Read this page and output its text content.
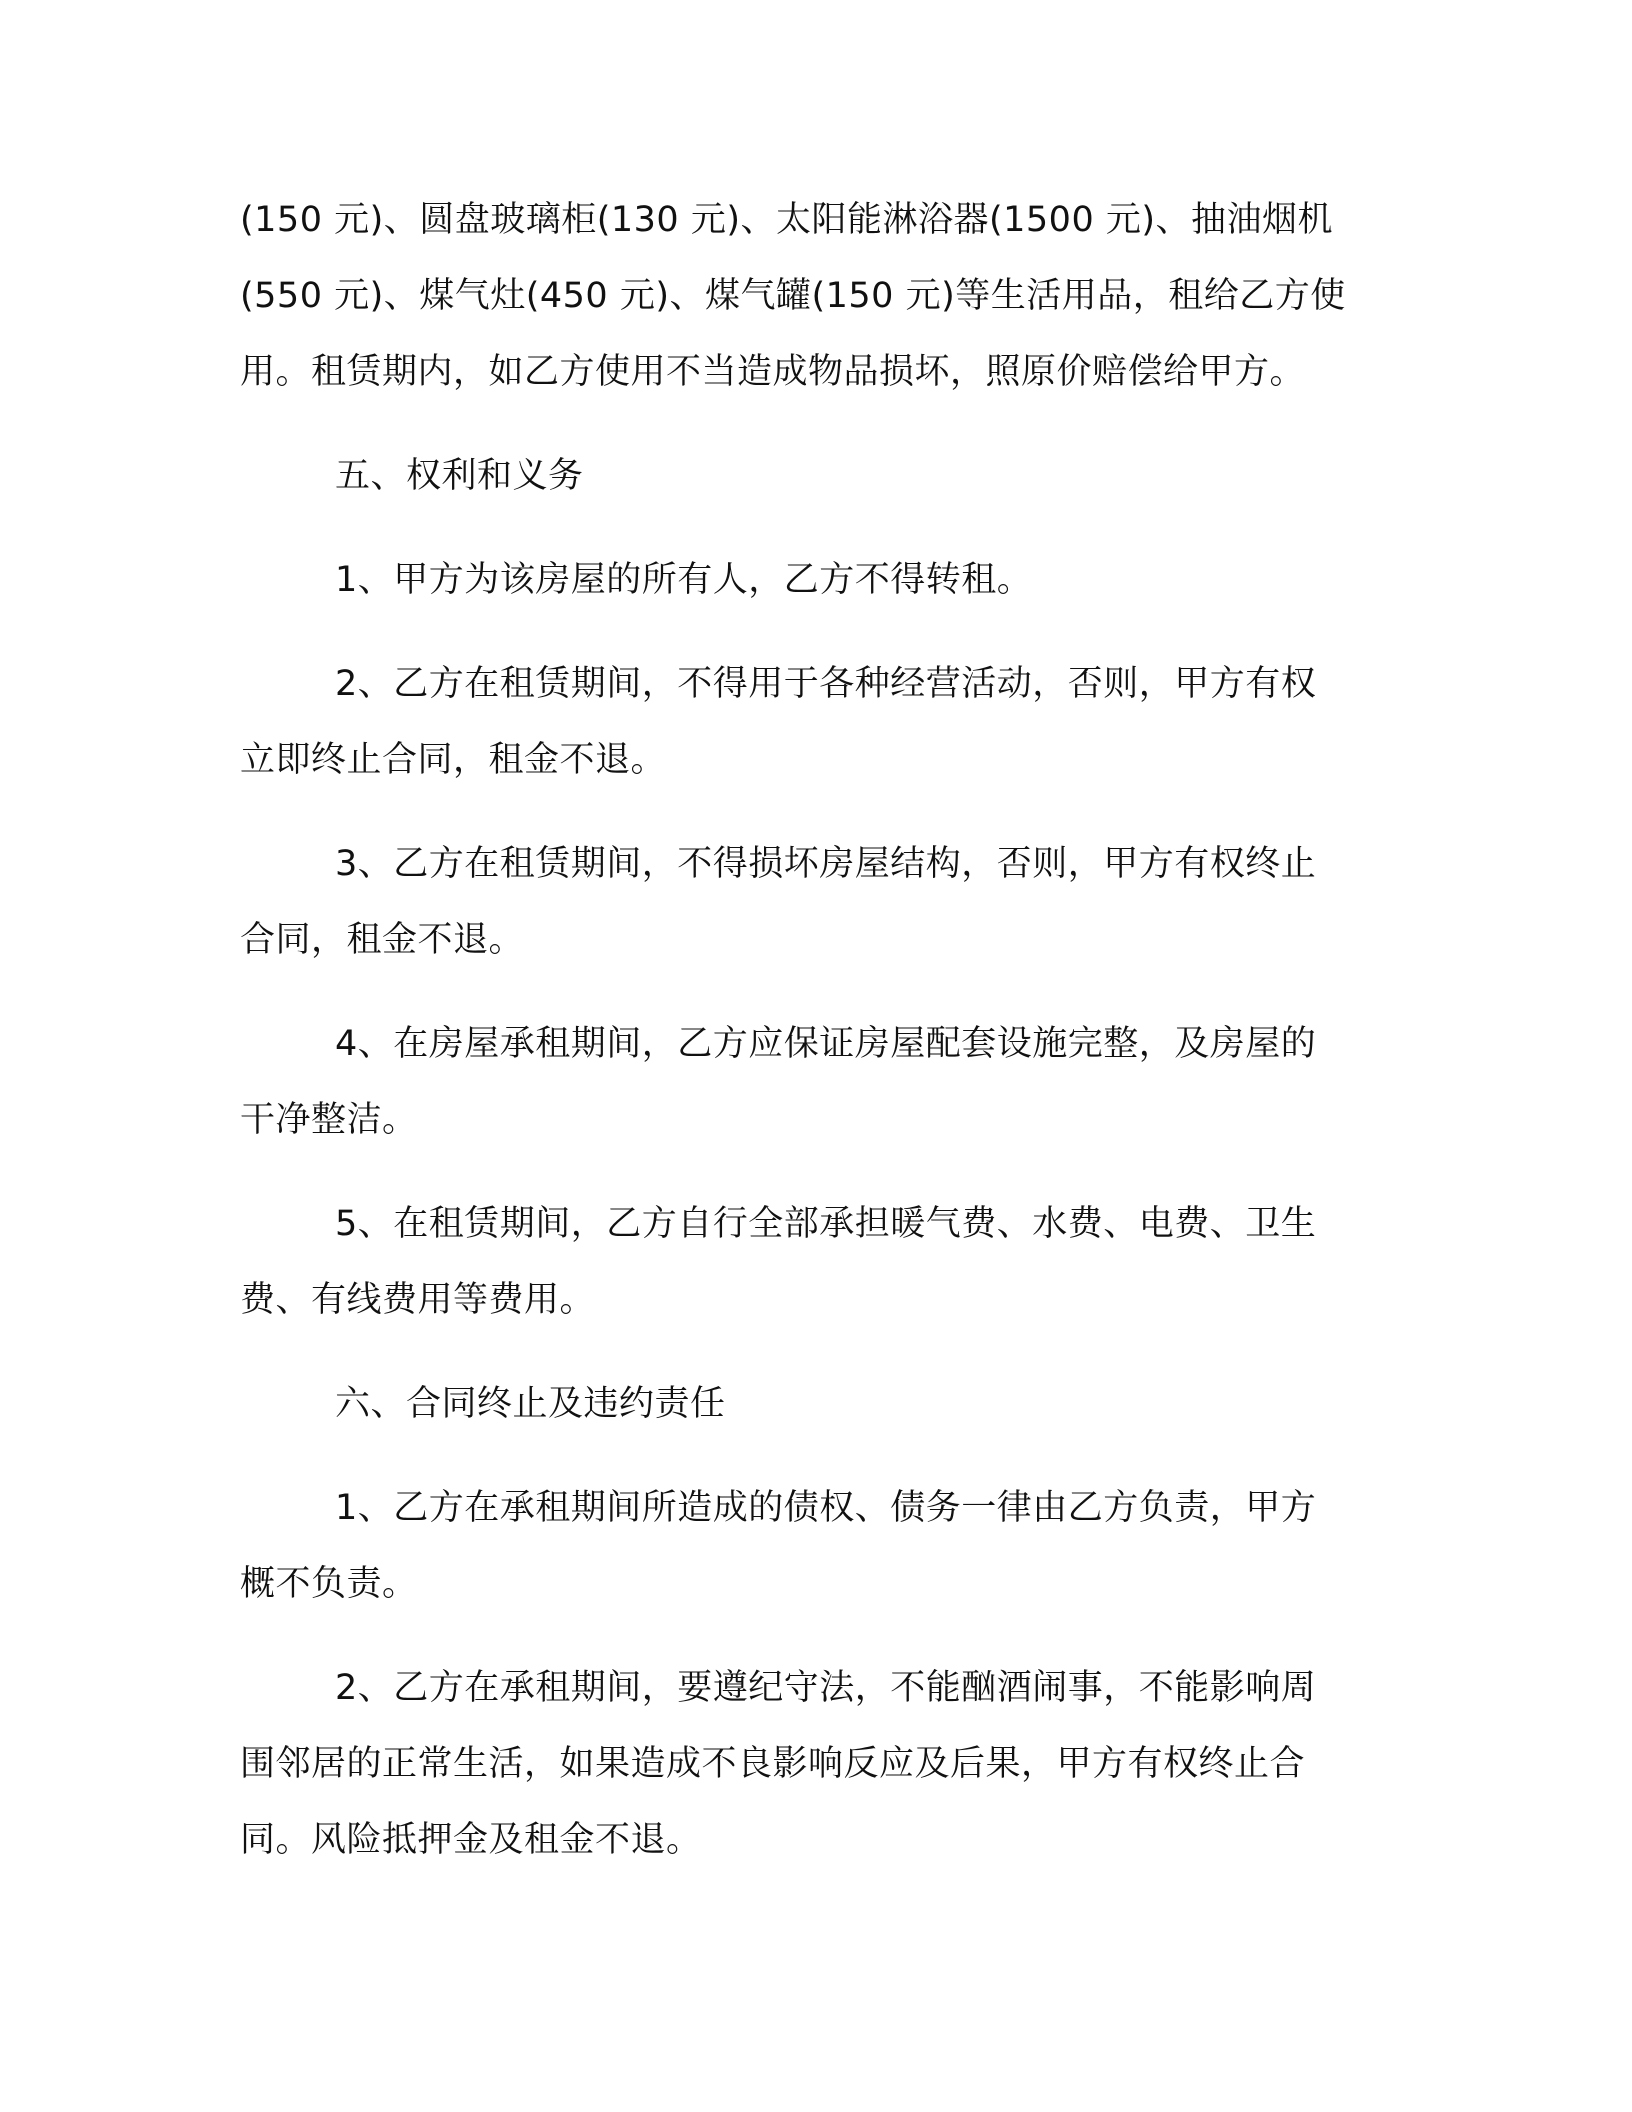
(150 元)、圆盘玻璃柜(130 元)、太阳能淋浴器(1500 元)、抽油烟机

(550 元)、煤气灶(450 元)、煤气罐(150 元)等生活用品，租给乙方使

用。租赁期内，如乙方使用不当造成物品损坏，照原价赔偿给甲方。

五、权利和义务

1、甲方为该房屋的所有人，乙方不得转租。

2、乙方在租赁期间，不得用于各种经营活动，否则，甲方有权

立即终止合同，租金不退。

3、乙方在租赁期间，不得损坏房屋结构，否则，甲方有权终止

合同，租金不退。

4、在房屋承租期间，乙方应保证房屋配套设施完整，及房屋的

干净整洁。

5、在租赁期间，乙方自行全部承担暖气费、水费、电费、卫生

费、有线费用等费用。

六、合同终止及违约责任

1、乙方在承租期间所造成的债权、债务一律由乙方负责，甲方

概不负责。

2、乙方在承租期间，要遵纪守法，不能酗酒闹事，不能影响周

围邻居的正常生活，如果造成不良影响反应及后果，甲方有权终止合

同。风险抵押金及租金不退。
